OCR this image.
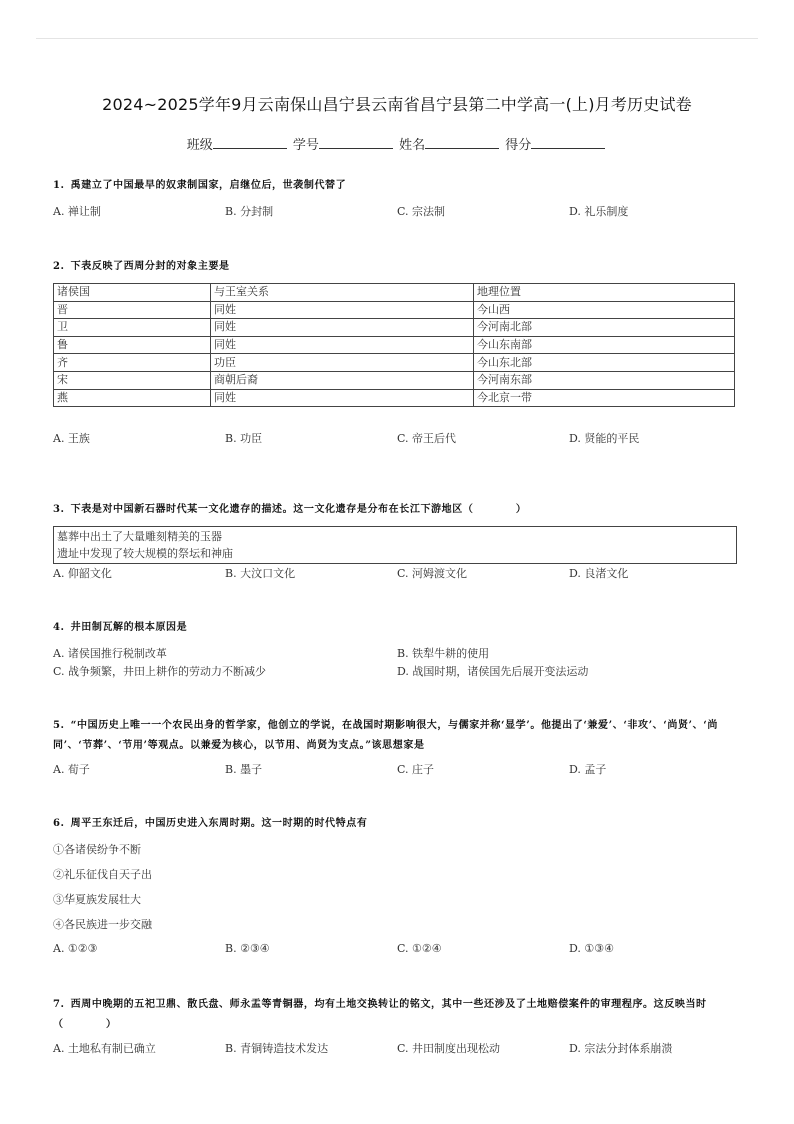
2024~2025学年9月云南保山昌宁县云南省昌宁县第二中学高一(上)月考历史试卷
班级	学号	姓名	得分
1. 禹建立了中国最早的奴隶制国家，启继位后，世袭制代替了
A. 禅让制	B. 分封制	C. 宗法制	D. 礼乐制度
2. 下表反映了西周分封的对象主要是
诸侯国	与王室关系	地理位置
晋	同姓	今山西
卫	同姓	今河南北部
鲁	同姓	今山东南部
齐	功臣	今山东北部
宋	商朝后裔	今河南东部
燕	同姓	今北京一带
A. 王族	B. 功臣	C. 帝王后代	D. 贤能的平民
3. 下表是对中国新石器时代某一文化遗存的描述。这一文化遗存是分布在长江下游地区（　　　　）
墓葬中出土了大量雕刻精美的玉器
遗址中发现了较大规模的祭坛和神庙
A. 仰韶文化	B. 大汶口文化	C. 河姆渡文化	D. 良渚文化
4. 井田制瓦解的根本原因是
A. 诸侯国推行税制改革	B. 铁犁牛耕的使用
C. 战争频繁，井田上耕作的劳动力不断减少	D. 战国时期，诸侯国先后展开变法运动
5. “中国历史上唯一一个农民出身的哲学家，他创立的学说，在战国时期影响很大，与儒家并称‘显学’。他提出了‘兼爱’、‘非攻’、‘尚贤’、‘尚同’、‘节葬’、‘节用’等观点。以兼爱为核心，以节用、尚贤为支点。”该思想家是
A. 荀子	B. 墨子	C. 庄子	D. 孟子
6. 周平王东迁后，中国历史进入东周时期。这一时期的时代特点有
①各诸侯纷争不断
②礼乐征伐自天子出
③华夏族发展壮大
④各民族进一步交融
A. ①②③	B. ②③④	C. ①②④	D. ①③④
7. 西周中晚期的五祀卫鼎、散氏盘、师永盂等青铜器，均有土地交换转让的铭文，其中一些还涉及了土地赔偿案件的审理程序。这反映当时（　　　　）
A. 土地私有制已确立	B. 青铜铸造技术发达	C. 井田制度出现松动	D. 宗法分封体系崩溃
